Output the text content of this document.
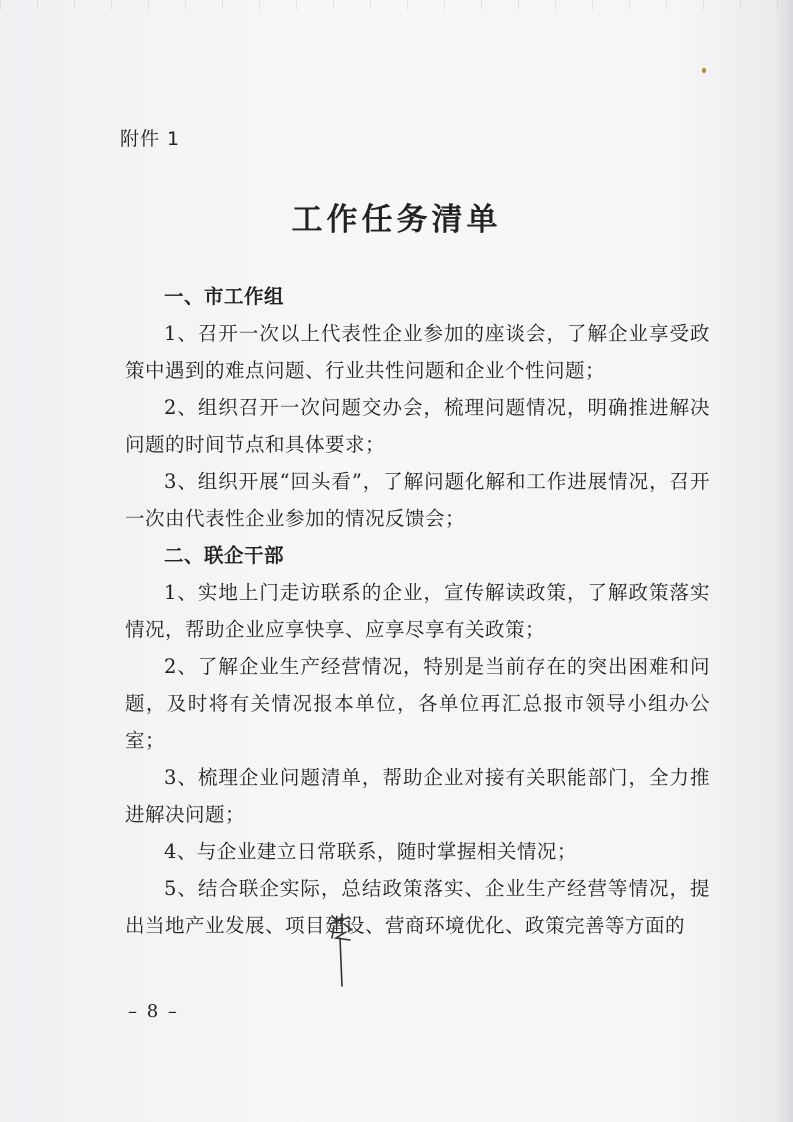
附件 1
工作任务清单

一、市工作组

1、召开一次以上代表性企业参加的座谈会，了解企业享受政策中遇到的难点问题、行业共性问题和企业个性问题；

2、组织召开一次问题交办会，梳理问题情况，明确推进解决问题的时间节点和具体要求；

3、组织开展“回头看”，了解问题化解和工作进展情况，召开一次由代表性企业参加的情况反馈会；

二、联企干部

1、实地上门走访联系的企业，宣传解读政策，了解政策落实情况，帮助企业应享快享、应享尽享有关政策；

2、了解企业生产经营情况，特别是当前存在的突出困难和问题，及时将有关情况报本单位，各单位再汇总报市领导小组办公室；

3、梳理企业问题清单，帮助企业对接有关职能部门，全力推进解决问题；

4、与企业建立日常联系，随时掌握相关情况；

5、结合联企实际，总结政策落实、企业生产经营等情况，提出当地产业发展、项目建设、营商环境优化、政策完善等方面的

– 8 –
